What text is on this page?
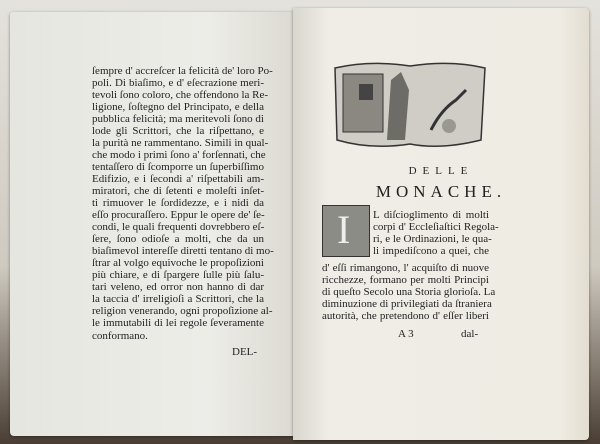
ſempre d' accreſcer la felicità de' loro Po-
poli. Di biaſimo, e d' eſecrazione meri-
tevoli ſono coloro, che offendono la Re-
ligione, ſoſtegno del Principato, e della
pubblica felicità; ma meritevoli ſono di
lode gli Scrittori, che la riſpettano, e
la purità ne rammentano. Simili in qual-
che modo i primi ſono a' forſennati, che
tentaſſero di ſcomporre un ſuperbiſſimo
Edifizio, e i ſecondi a' riſpettabili am-
miratori, che di ſetenti e moleſti inſet-
ti rimuover le ſordidezze, e i nidi da
eſſo procuraſſero. Eppur le opere de' ſe-
condi, le quali frequenti dovrebbero eſ-
ſere, ſono odioſe a molti, che da un
biaſimevol intereſſe diretti tentano di mo-
ſtrar al volgo equivoche le propoſizioni
più chiare, e di ſpargere ſulle più ſalu-
tari veleno, ed orror non hanno di dar
la taccia d' irreligioſi a Scrittori, che la
religion venerando, ogni propoſizione al-
le immutabili di lei regole ſeveramente
conformano.
DEL-
DELLE
MONACHE.
I L diſcioglimento di molti
corpi d' Eccleſiaſtici Regola-
ri, e le Ordinazioni, le qua-
li impediſcono a quei, che
d' eſſi rimangono, l' acquiſto di nuove
ricchezze, formano per molti Principi
di queſto Secolo una Storia glorioſa. La
diminuzione di privilegiati da ſtraniera
autorità, che pretendono d' eſſer liberi
A 3	dal-
